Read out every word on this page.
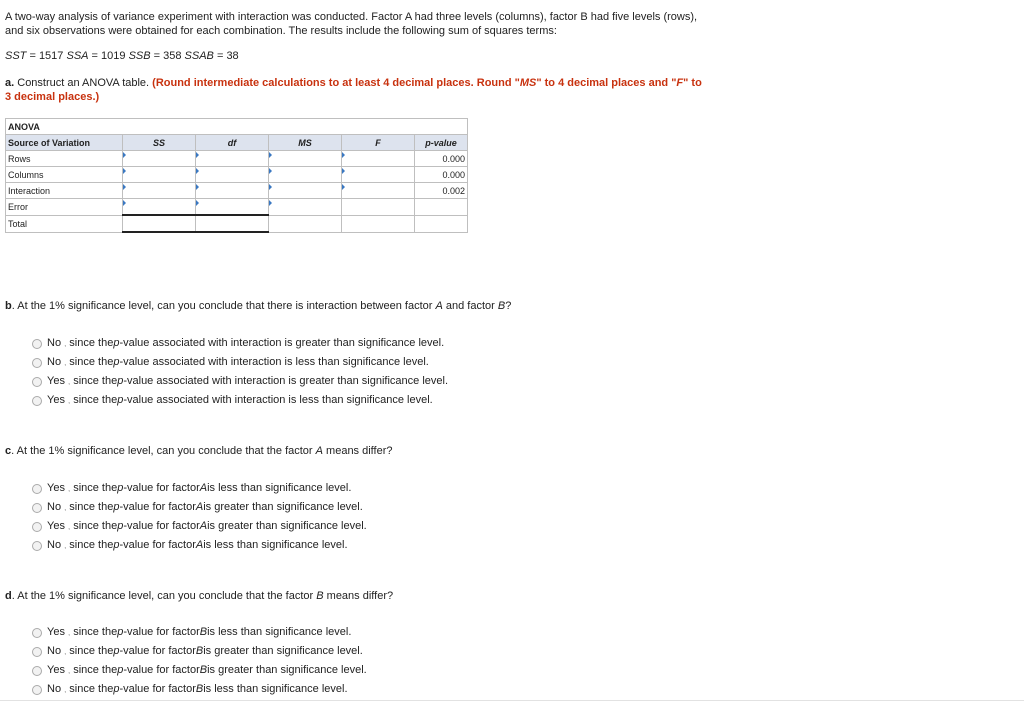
A two-way analysis of variance experiment with interaction was conducted. Factor A had three levels (columns), factor B had five levels (rows), and six observations were obtained for each combination. The results include the following sum of squares terms:
SST = 1517 SSA = 1019 SSB = 358 SSAB = 38
a. Construct an ANOVA table. (Round intermediate calculations to at least 4 decimal places. Round "MS" to 4 decimal places and "F" to 3 decimal places.)
ANOVA					
Source of Variation	SS	df	MS	F	p-value
Rows					0.000
Columns					0.000
Interaction					0.002
Error					
Total					
b. At the 1% significance level, can you conclude that there is interaction between factor A and factor B?
No , since the p -value associated with interaction is greater than significance level.
No , since the p -value associated with interaction is less than significance level.
Yes , since the p -value associated with interaction is greater than significance level.
Yes , since the p -value associated with interaction is less than significance level.
c. At the 1% significance level, can you conclude that the factor A means differ?
Yes , since the p -value for factor A is less than significance level.
No , since the p -value for factor A is greater than significance level.
Yes , since the p -value for factor A is greater than significance level.
No , since the p -value for factor A is less than significance level.
d. At the 1% significance level, can you conclude that the factor B means differ?
Yes , since the p -value for factor B is less than significance level.
No , since the p -value for factor B is greater than significance level.
Yes , since the p -value for factor B is greater than significance level.
No , since the p -value for factor B is less than significance level.
